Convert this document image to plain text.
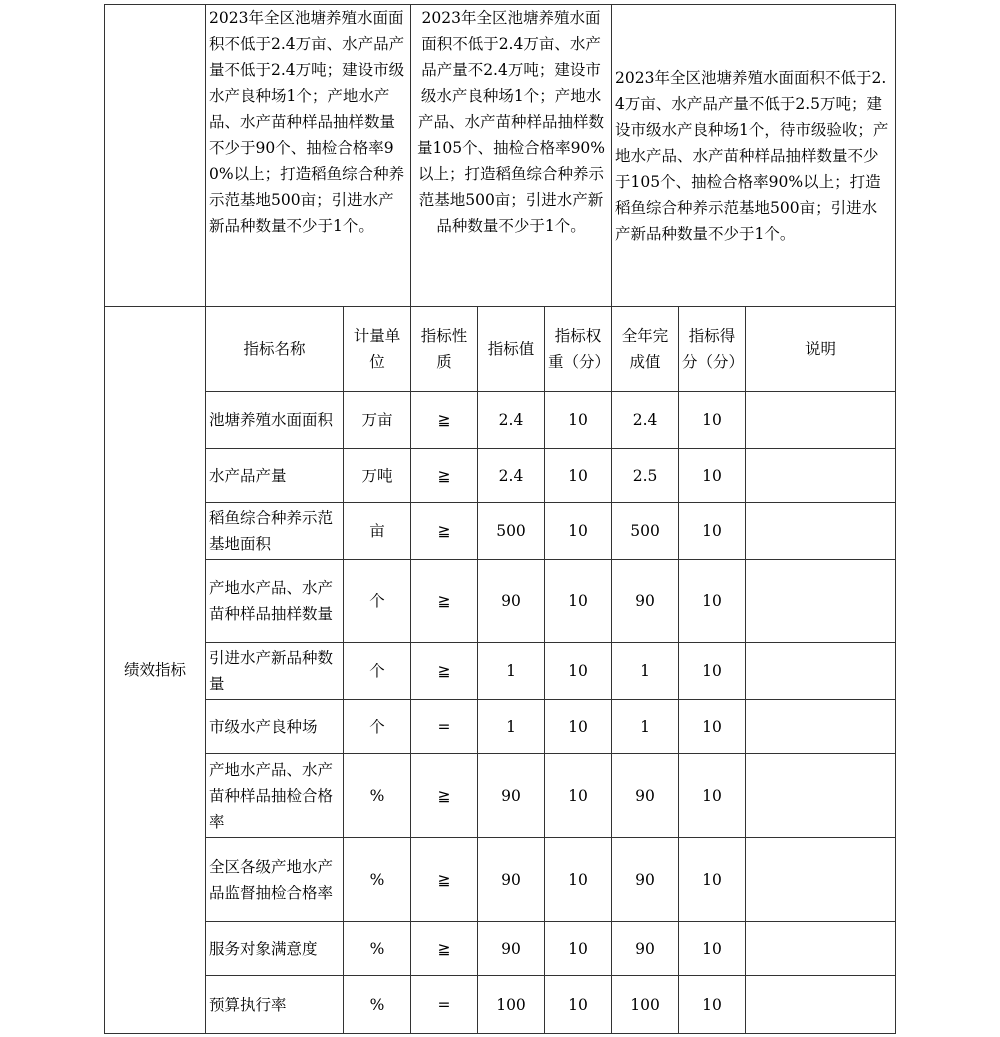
	2023年全区池塘养殖水面面积不低于2.4万亩、水产品产量不低于2.4万吨；建设市级水产良种场1个；产地水产品、水产苗种样品抽样数量不少于90个、抽检合格率90%以上；打造稻鱼综合种养示范基地500亩；引进水产新品种数量不少于1个。		2023年全区池塘养殖水面面积不低于2.4万亩、水产品产量不2.4万吨；建设市级水产良种场1个；产地水产品、水产苗种样品抽样数量105个、抽检合格率90%以上；打造稻鱼综合种养示范基地500亩；引进水产新品种数量不少于1个。			2023年全区池塘养殖水面面积不低于2.4万亩、水产品产量不低于2.5万吨；建设市级水产良种场1个，待市级验收；产地水产品、水产苗种样品抽样数量不少于105个、抽检合格率90%以上；打造稻鱼综合种养示范基地500亩；引进水产新品种数量不少于1个。		
绩效指标	指标名称	计量单位	指标性质	指标值	指标权重（分）	全年完成值	指标得分（分）	说明
	池塘养殖水面面积	万亩	≧	2.4	10	2.4	10	
	水产品产量	万吨	≧	2.4	10	2.5	10	
	稻鱼综合种养示范基地面积	亩	≧	500	10	500	10	
	产地水产品、水产苗种样品抽样数量	个	≧	90	10	90	10	
	引进水产新品种数量	个	≧	1	10	1	10	
	市级水产良种场	个	=	1	10	1	10	
	产地水产品、水产苗种样品抽检合格率	%	≧	90	10	90	10	
	全区各级产地水产品监督抽检合格率	%	≧	90	10	90	10	
	服务对象满意度	%	≧	90	10	90	10	
	预算执行率	%	=	100	10	100	10	
